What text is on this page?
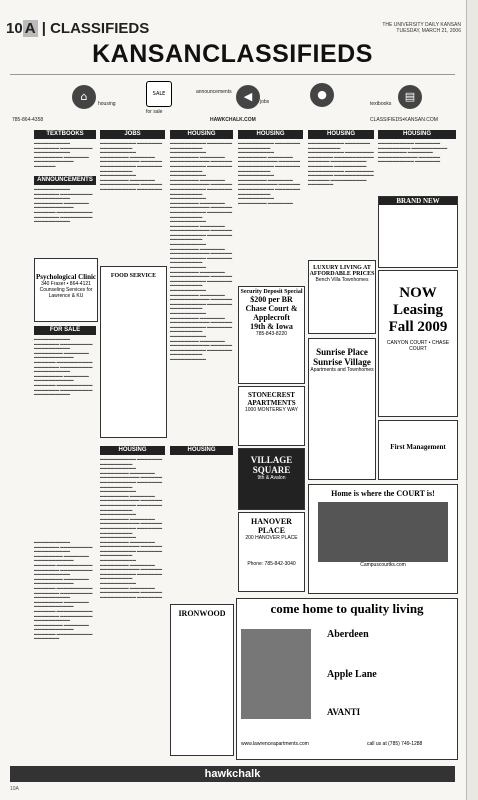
10 A | CLASSIFIEDS	THE UNIVERSITY DAILY KANSAN
TUESDAY, MARCH 21, 2006
KANSANCLASSIFIEDS
⌂
housing
SALE
for sale
announcements	◀	jobs
●
textbooks
▤
785-864-4358	HAWKCHALK.COM	CLASSIFIEDS•KANSAN.COM
TEXTBOOKS	JOBS	HOUSING	HOUSING	HOUSING	HOUSING
ANNOUNCEMENTS
FOR SALE
HOUSING	HOUSING
▬▬▬▬▬▬▬▬▬▬ ▬▬▬▬▬▬▬ ▬▬▬▬▬▬▬▬▬ ▬▬▬▬▬▬▬▬▬▬ ▬▬▬▬▬▬▬▬ ▬▬▬▬▬▬▬ ▬▬▬▬▬▬▬▬▬▬▬ ▬▬▬▬▬▬
▬▬▬▬▬▬▬▬▬▬ ▬▬▬▬▬▬▬ ▬▬▬▬▬▬▬▬▬ ▬▬▬▬▬▬▬▬▬▬ ▬▬▬▬▬▬▬▬ ▬▬▬▬▬▬▬ ▬▬▬▬▬▬▬▬▬▬▬ ▬▬▬▬▬▬ ▬▬▬▬▬▬▬▬▬▬ ▬▬▬▬▬▬▬ ▬▬▬▬▬▬▬▬▬ ▬▬▬▬▬▬▬▬▬▬
▬▬▬▬▬▬▬▬▬▬ ▬▬▬▬▬▬▬ ▬▬▬▬▬▬▬▬▬ ▬▬▬▬▬▬▬▬▬▬ ▬▬▬▬▬▬▬▬ ▬▬▬▬▬▬▬ ▬▬▬▬▬▬▬▬▬▬▬ ▬▬▬▬▬▬ ▬▬▬▬▬▬▬▬▬▬ ▬▬▬▬▬▬▬ ▬▬▬▬▬▬▬▬▬ ▬▬▬▬▬▬▬▬▬▬ ▬▬▬▬▬▬▬▬ ▬▬▬▬▬▬▬ ▬▬▬▬▬▬▬▬▬▬▬ ▬▬▬▬▬▬ ▬▬▬▬▬▬▬▬▬▬ ▬▬▬▬▬▬▬ ▬▬▬▬▬▬▬▬▬ ▬▬▬▬▬▬▬▬▬▬
▬▬▬▬▬▬▬▬▬▬ ▬▬▬▬▬▬▬ ▬▬▬▬▬▬▬▬▬ ▬▬▬▬▬▬▬▬▬▬ ▬▬▬▬▬▬▬▬ ▬▬▬▬▬▬▬ ▬▬▬▬▬▬▬▬▬▬▬ ▬▬▬▬▬▬ ▬▬▬▬▬▬▬▬▬▬ ▬▬▬▬▬▬▬ ▬▬▬▬▬▬▬▬▬ ▬▬▬▬▬▬▬▬▬▬ ▬▬▬▬▬▬▬▬ ▬▬▬▬▬▬▬ ▬▬▬▬▬▬▬▬▬▬▬ ▬▬▬▬▬▬ ▬▬▬▬▬▬▬▬▬▬ ▬▬▬▬▬▬▬ ▬▬▬▬▬▬▬▬▬ ▬▬▬▬▬▬▬▬▬▬ ▬▬▬▬▬▬▬▬ ▬▬▬▬▬▬▬ ▬▬▬▬▬▬▬▬▬▬▬ ▬▬▬▬▬▬ ▬▬▬▬▬▬▬▬▬▬ ▬▬▬▬▬▬▬ ▬▬▬▬▬▬▬▬▬ ▬▬▬▬▬▬▬▬▬▬ ▬▬▬▬▬▬▬▬ ▬▬▬▬▬▬▬ ▬▬▬▬▬▬▬▬▬▬▬ ▬▬▬▬▬▬ ▬▬▬▬▬▬▬▬▬▬ ▬▬▬▬▬▬▬
▬▬▬▬▬▬▬▬▬▬ ▬▬▬▬▬▬▬ ▬▬▬▬▬▬▬▬▬ ▬▬▬▬▬▬▬▬▬▬ ▬▬▬▬▬▬▬▬ ▬▬▬▬▬▬▬ ▬▬▬▬▬▬▬▬▬▬▬ ▬▬▬▬▬▬ ▬▬▬▬▬▬▬▬▬▬ ▬▬▬▬▬▬▬ ▬▬▬▬▬▬▬▬▬ ▬▬▬▬▬▬▬▬▬▬ ▬▬▬▬▬▬▬▬ ▬▬▬▬▬▬▬ ▬▬▬▬▬▬▬▬▬▬▬ ▬▬▬▬▬▬ ▬▬▬▬▬▬▬▬▬▬ ▬▬▬▬▬▬▬
▬▬▬▬▬▬▬▬▬▬ ▬▬▬▬▬▬▬ ▬▬▬▬▬▬▬▬▬ ▬▬▬▬▬▬▬▬▬▬ ▬▬▬▬▬▬▬▬ ▬▬▬▬▬▬▬ ▬▬▬▬▬▬▬▬▬▬▬ ▬▬▬▬▬▬ ▬▬▬▬▬▬▬▬▬▬ ▬▬▬▬▬▬▬ ▬▬▬▬▬▬▬▬▬ ▬▬▬▬▬▬▬▬▬▬ ▬▬▬▬▬▬▬▬ ▬▬▬▬▬▬▬ ▬▬▬▬▬▬▬▬▬▬▬ ▬▬▬▬▬▬ ▬▬▬▬▬▬▬▬▬▬ ▬▬▬▬▬▬▬ ▬▬▬▬▬▬▬▬▬ ▬▬▬▬▬▬▬▬▬▬ ▬▬▬▬▬▬▬▬ ▬▬▬▬▬▬▬ ▬▬▬▬▬▬▬▬▬▬▬ ▬▬▬▬▬▬ ▬▬▬▬▬▬▬▬▬▬ ▬▬▬▬▬▬▬ ▬▬▬▬▬▬▬▬▬ ▬▬▬▬▬▬▬▬▬▬ ▬▬▬▬▬▬▬▬ ▬▬▬▬▬▬▬ ▬▬▬▬▬▬▬▬▬▬▬ ▬▬▬▬▬▬ ▬▬▬▬▬▬▬▬▬▬ ▬▬▬▬▬▬▬ ▬▬▬▬▬▬▬▬▬ ▬▬▬▬▬▬▬▬▬▬ ▬▬▬▬▬▬▬▬ ▬▬▬▬▬▬▬ ▬▬▬▬▬▬▬▬▬▬▬ ▬▬▬▬▬▬ ▬▬▬▬▬▬▬▬▬▬ ▬▬▬▬▬▬▬ ▬▬▬▬▬▬▬▬▬ ▬▬▬▬▬▬▬▬▬▬ ▬▬▬▬▬▬▬▬ ▬▬▬▬▬▬▬ ▬▬▬▬▬▬▬▬▬▬▬ ▬▬▬▬▬▬ ▬▬▬▬▬▬▬▬▬▬ ▬▬▬▬▬▬▬
▬▬▬▬▬▬▬▬▬▬ ▬▬▬▬▬▬▬ ▬▬▬▬▬▬▬▬▬ ▬▬▬▬▬▬▬▬▬▬ ▬▬▬▬▬▬▬▬ ▬▬▬▬▬▬▬ ▬▬▬▬▬▬▬▬▬▬▬ ▬▬▬▬▬▬ ▬▬▬▬▬▬▬▬▬▬ ▬▬▬▬▬▬▬ ▬▬▬▬▬▬▬▬▬ ▬▬▬▬▬▬▬▬▬▬ ▬▬▬▬▬▬▬▬ ▬▬▬▬▬▬▬ ▬▬▬▬▬▬▬▬▬▬▬ ▬▬▬▬▬▬ ▬▬▬▬▬▬▬▬▬▬ ▬▬▬▬▬▬▬ ▬▬▬▬▬▬▬▬▬ ▬▬▬▬▬▬▬▬▬▬ ▬▬▬▬▬▬▬▬ ▬▬▬▬▬▬▬ ▬▬▬▬▬▬▬▬▬▬▬ ▬▬▬▬▬▬ ▬▬▬▬▬▬▬▬▬▬ ▬▬▬▬▬▬▬ ▬▬▬▬▬▬▬▬▬ ▬▬▬▬▬▬▬▬▬▬ ▬▬▬▬▬▬▬▬ ▬▬▬▬▬▬▬ ▬▬▬▬▬▬▬▬▬▬▬ ▬▬▬▬▬▬ ▬▬▬▬▬▬▬▬▬▬ ▬▬▬▬▬▬▬ ▬▬▬▬▬▬▬▬▬ ▬▬▬▬▬▬▬▬▬▬ ▬▬▬▬▬▬▬▬ ▬▬▬▬▬▬▬ ▬▬▬▬▬▬▬▬▬▬▬ ▬▬▬▬▬▬ ▬▬▬▬▬▬▬▬▬▬ ▬▬▬▬▬▬▬ ▬▬▬▬▬▬▬▬▬ ▬▬▬▬▬▬▬▬▬▬ ▬▬▬▬▬▬▬▬ ▬▬▬▬▬▬▬ ▬▬▬▬▬▬▬▬▬▬▬ ▬▬▬▬▬▬ ▬▬▬▬▬▬▬▬▬▬ ▬▬▬▬▬▬▬ ▬▬▬▬▬▬▬▬▬ ▬▬▬▬▬▬▬▬▬▬ ▬▬▬▬▬▬▬▬ ▬▬▬▬▬▬▬ ▬▬▬▬▬▬▬▬▬▬▬ ▬▬▬▬▬▬ ▬▬▬▬▬▬▬▬▬▬ ▬▬▬▬▬▬▬ ▬▬▬▬▬▬▬▬▬ ▬▬▬▬▬▬▬▬▬▬ ▬▬▬▬▬▬▬▬ ▬▬▬▬▬▬▬ ▬▬▬▬▬▬▬▬▬▬▬ ▬▬▬▬▬▬ ▬▬▬▬▬▬▬▬▬▬ ▬▬▬▬▬▬▬ ▬▬▬▬▬▬▬▬▬ ▬▬▬▬▬▬▬▬▬▬ ▬▬▬▬▬▬▬▬ ▬▬▬▬▬▬▬ ▬▬▬▬▬▬▬▬▬▬▬ ▬▬▬▬▬▬ ▬▬▬▬▬▬▬▬▬▬ ▬▬▬▬▬▬▬ ▬▬▬▬▬▬▬▬▬ ▬▬▬▬▬▬▬▬▬▬
▬▬▬▬▬▬▬▬▬▬ ▬▬▬▬▬▬▬ ▬▬▬▬▬▬▬▬▬ ▬▬▬▬▬▬▬▬▬▬ ▬▬▬▬▬▬▬▬ ▬▬▬▬▬▬▬ ▬▬▬▬▬▬▬▬▬▬▬ ▬▬▬▬▬▬ ▬▬▬▬▬▬▬▬▬▬ ▬▬▬▬▬▬▬ ▬▬▬▬▬▬▬▬▬ ▬▬▬▬▬▬▬▬▬▬ ▬▬▬▬▬▬▬▬ ▬▬▬▬▬▬▬ ▬▬▬▬▬▬▬▬▬▬▬ ▬▬▬▬▬▬ ▬▬▬▬▬▬▬▬▬▬ ▬▬▬▬▬▬▬ ▬▬▬▬▬▬▬▬▬ ▬▬▬▬▬▬▬▬▬▬ ▬▬▬▬▬▬▬▬ ▬▬▬▬▬▬▬
▬▬▬▬▬▬▬▬▬▬ ▬▬▬▬▬▬▬ ▬▬▬▬▬▬▬▬▬ ▬▬▬▬▬▬▬▬▬▬ ▬▬▬▬▬▬▬▬ ▬▬▬▬▬▬▬ ▬▬▬▬▬▬▬▬▬▬▬ ▬▬▬▬▬▬ ▬▬▬▬▬▬▬▬▬▬ ▬▬▬▬▬▬▬ ▬▬▬▬▬▬▬▬▬ ▬▬▬▬▬▬▬▬▬▬ ▬▬▬▬▬▬▬▬ ▬▬▬▬▬▬▬ ▬▬▬▬▬▬▬▬▬▬▬ ▬▬▬▬▬▬ ▬▬▬▬▬▬▬▬▬▬ ▬▬▬▬▬▬▬
▬▬▬▬▬▬▬▬▬▬ ▬▬▬▬▬▬▬ ▬▬▬▬▬▬▬▬▬ ▬▬▬▬▬▬▬▬▬▬ ▬▬▬▬▬▬▬▬ ▬▬▬▬▬▬▬ ▬▬▬▬▬▬▬▬▬▬▬ ▬▬▬▬▬▬ ▬▬▬▬▬▬▬▬▬▬ ▬▬▬▬▬▬▬
Psychological Clinic
340 Fraser • 864-4121
Counseling Services for Lawrence & KU
FOOD SERVICE
BRAND NEW
LUXURY LIVING AT AFFORDABLE PRICES
Bench Villa Townhomes
NOW Leasing Fall 2009
CANYON COURT • CHASE COURT
Security Deposit Special
$200 per BR
Chase Court & Applecroft
19th & Iowa
785-843-8220
Sunrise Place
Sunrise Village
Apartments and Townhomes
STONECREST APARTMENTS
1000 MONTEREY WAY
VILLAGE SQUARE
9th & Avalon
First Management
HANOVER PLACE
200 HANOVER PLACE
Phone: 785-842-3040
Home is where the COURT is!
Campuscourtks.com
IRONWOOD	come home to quality living
Aberdeen
Apple Lane
AVANTI
www.lawrenceapartments.com	call us at (785) 749-1288
hawkchalk
10A
